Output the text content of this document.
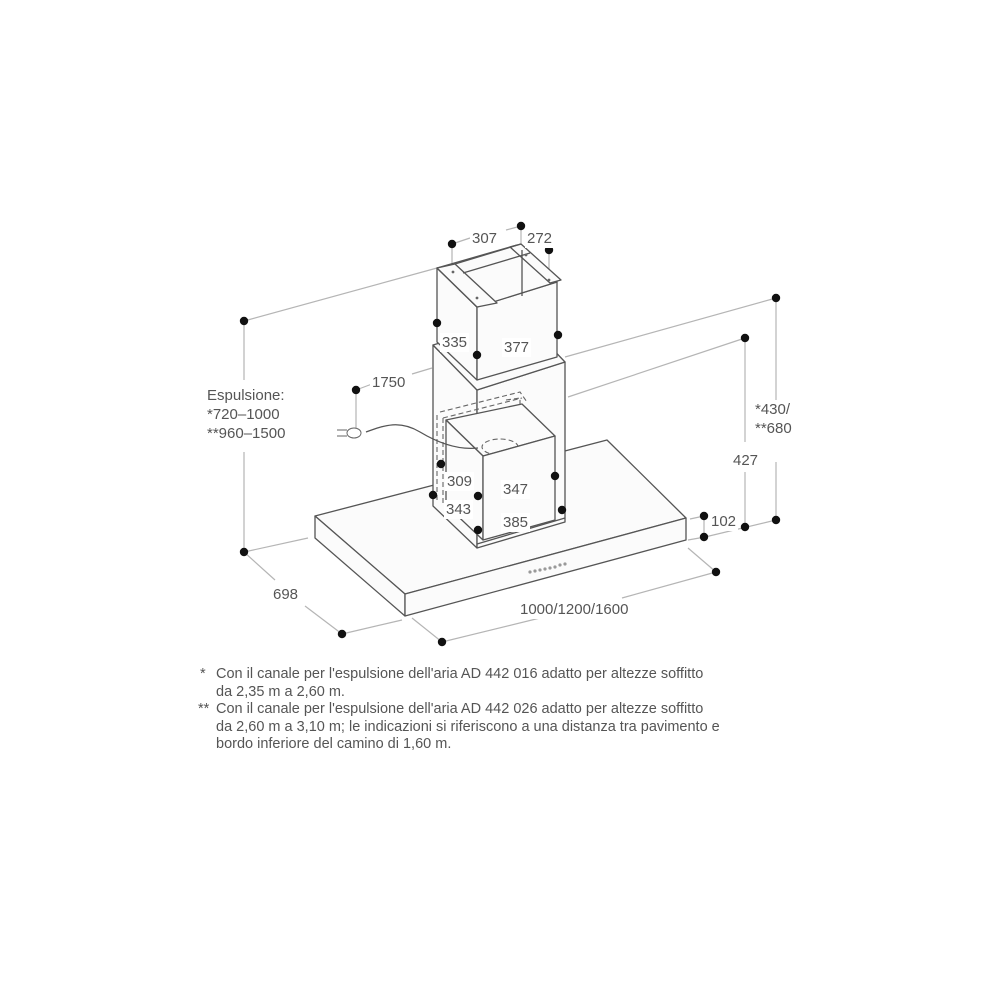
307 272
335 377
1750
Espulsione:
*720–1000
**960–1500
309 347
343
385
*430/
**680
427
102
698
1000/1200/1600
* Con il canale per l'espulsione dell'aria AD 442 016 adatto per altezze soffitto da 2,35 m a 2,60 m.
** Con il canale per l'espulsione dell'aria AD 442 026 adatto per altezze soffitto da 2,60 m a 3,10 m; le indicazioni si riferiscono a una distanza tra pavimento e bordo inferiore del camino di 1,60 m.
